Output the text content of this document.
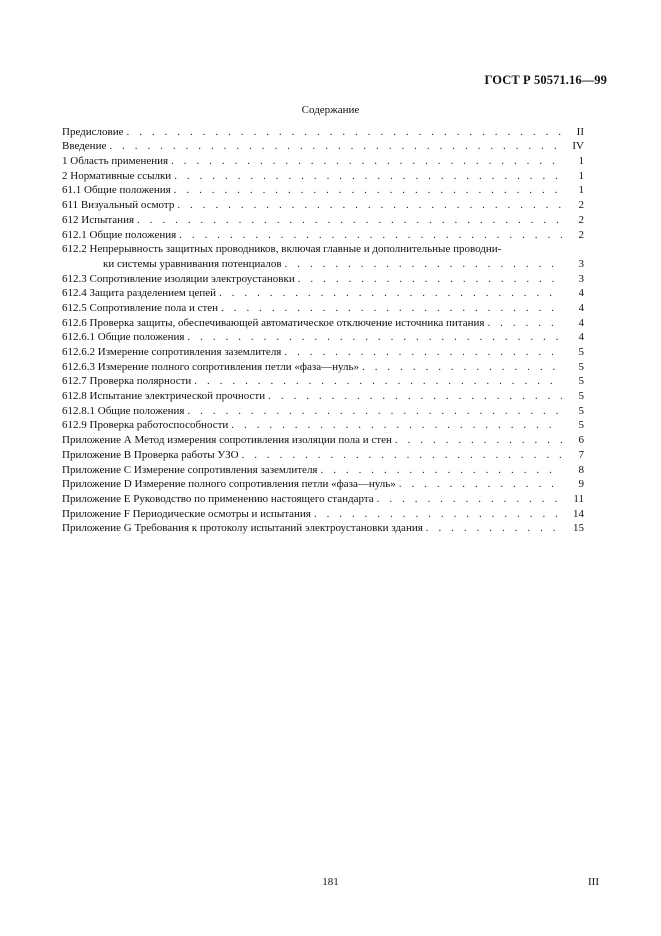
ГОСТ Р 50571.16—99
Содержание
Предисловие . . .	II
Введение . . .	IV
1 Область применения . . .	1
2 Нормативные ссылки . . .	1
61.1 Общие положения . . .	1
611 Визуальный осмотр . . .	2
612 Испытания . . .	2
612.1 Общие положения . . .	2
612.2 Непрерывность защитных проводников, включая главные и дополнительные проводни-
ки системы уравнивания потенциалов . . .	3
612.3 Сопротивление изоляции электроустановки . . .	3
612.4 Защита разделением цепей . . .	4
612.5 Сопротивление пола и стен . . .	4
612.6 Проверка защиты, обеспечивающей автоматическое отключение источника питания . . .	4
612.6.1 Общие положения . . .	4
612.6.2 Измерение сопротивления заземлителя . . .	5
612.6.3 Измерение полного сопротивления петли «фаза—нуль» . . .	5
612.7 Проверка полярности . . .	5
612.8 Испытание электрической прочности . . .	5
612.8.1 Общие положения . . .	5
612.9 Проверка работоспособности . . .	5
Приложение А Метод измерения сопротивления изоляции пола и стен . . .	6
Приложение В Проверка работы УЗО . . .	7
Приложение С Измерение сопротивления заземлителя . . .	8
Приложение D Измерение полного сопротивления петли «фаза—нуль» . . .	9
Приложение Е Руководство по применению настоящего стандарта . . .	11
Приложение F Периодические осмотры и испытания . . .	14
Приложение G Требования к протоколу испытаний электроустановки здания . . .	15
181	III
